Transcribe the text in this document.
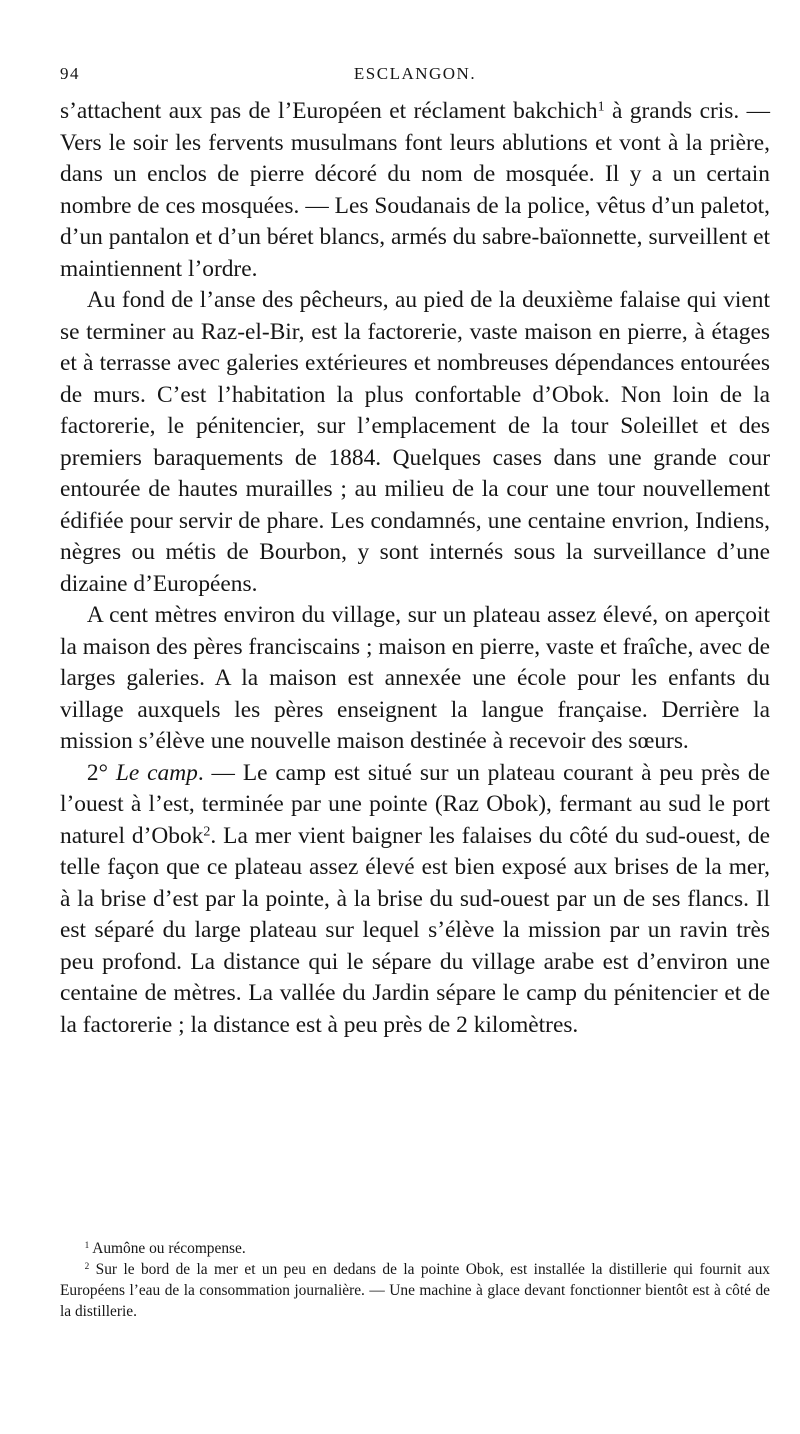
94	ESCLANGON.

s’attachent aux pas de l’Européen et réclament bakchich$^1$ à grands cris. — Vers le soir les fervents musulmans font leurs ablutions et vont à la prière, dans un enclos de pierre décoré du nom de mosquée. Il y a un certain nombre de ces mosquées. — Les Soudanais de la police, vêtus d’un paletot, d’un pantalon et d’un béret blancs, armés du sabre-baïonnette, surveillent et maintiennent l’ordre.

Au fond de l’anse des pêcheurs, au pied de la deuxième falaise qui vient se terminer au Raz-el-Bir, est la factorerie, vaste maison en pierre, à étages et à terrasse avec galeries extérieures et nombreuses dépendances entourées de murs. C’est l’habitation la plus confortable d’Obok. Non loin de la factorerie, le pénitencier, sur l’emplacement de la tour Soleillet et des premiers baraquements de 1884. Quelques cases dans une grande cour entourée de hautes murailles ; au milieu de la cour une tour nouvellement édifiée pour servir de phare. Les condamnés, une centaine envrion, Indiens, nègres ou métis de Bourbon, y sont internés sous la surveillance d’une dizaine d’Européens.

A cent mètres environ du village, sur un plateau assez élevé, on aperçoit la maison des pères franciscains ; maison en pierre, vaste et fraîche, avec de larges galeries. A la maison est annexée une école pour les enfants du village auxquels les pères enseignent la langue française. Derrière la mission s’élève une nouvelle maison destinée à recevoir des sœurs.

2° Le camp. — Le camp est situé sur un plateau courant à peu près de l’ouest à l’est, terminée par une pointe (Raz Obok), fermant au sud le port naturel d’Obok$^2$. La mer vient baigner les falaises du côté du sud-ouest, de telle façon que ce plateau assez élevé est bien exposé aux brises de la mer, à la brise d’est par la pointe, à la brise du sud-ouest par un de ses flancs. Il est séparé du large plateau sur lequel s’élève la mission par un ravin très peu profond. La distance qui le sépare du village arabe est d’environ une centaine de mètres. La vallée du Jardin sépare le camp du pénitencier et de la factorerie ; la distance est à peu près de 2 kilomètres.

$^1$ Aumône ou récompense.

$^2$ Sur le bord de la mer et un peu en dedans de la pointe Obok, est installée la distillerie qui fournit aux Européens l’eau de la consommation journalière. — Une machine à glace devant fonctionner bientôt est à côté de la distillerie.
